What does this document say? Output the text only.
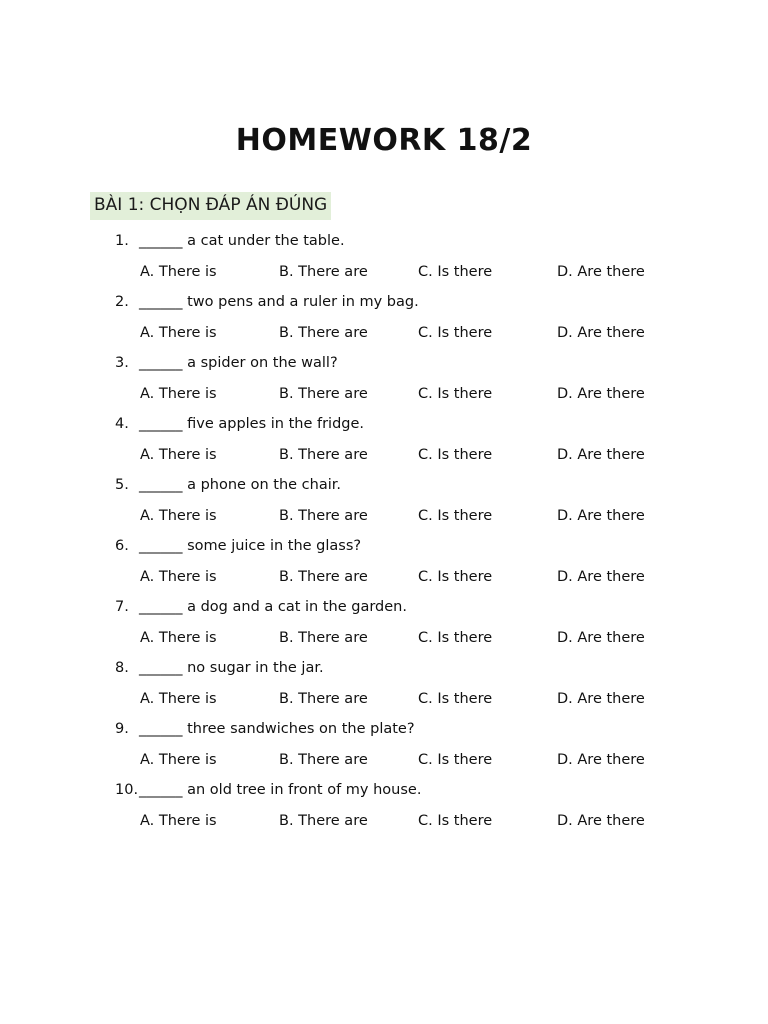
HOMEWORK 18/2
BÀI 1: CHỌN ĐÁP ÁN ĐÚNG
1. ______ a cat under the table.
A. There is	B. There are	C. Is there	D. Are there
2. ______ two pens and a ruler in my bag.
A. There is	B. There are	C. Is there	D. Are there
3. ______ a spider on the wall?
A. There is	B. There are	C. Is there	D. Are there
4. ______ five apples in the fridge.
A. There is	B. There are	C. Is there	D. Are there
5. ______ a phone on the chair.
A. There is	B. There are	C. Is there	D. Are there
6. ______ some juice in the glass?
A. There is	B. There are	C. Is there	D. Are there
7. ______ a dog and a cat in the garden.
A. There is	B. There are	C. Is there	D. Are there
8. ______ no sugar in the jar.
A. There is	B. There are	C. Is there	D. Are there
9. ______ three sandwiches on the plate?
A. There is	B. There are	C. Is there	D. Are there
10. ______ an old tree in front of my house.
A. There is	B. There are	C. Is there	D. Are there
